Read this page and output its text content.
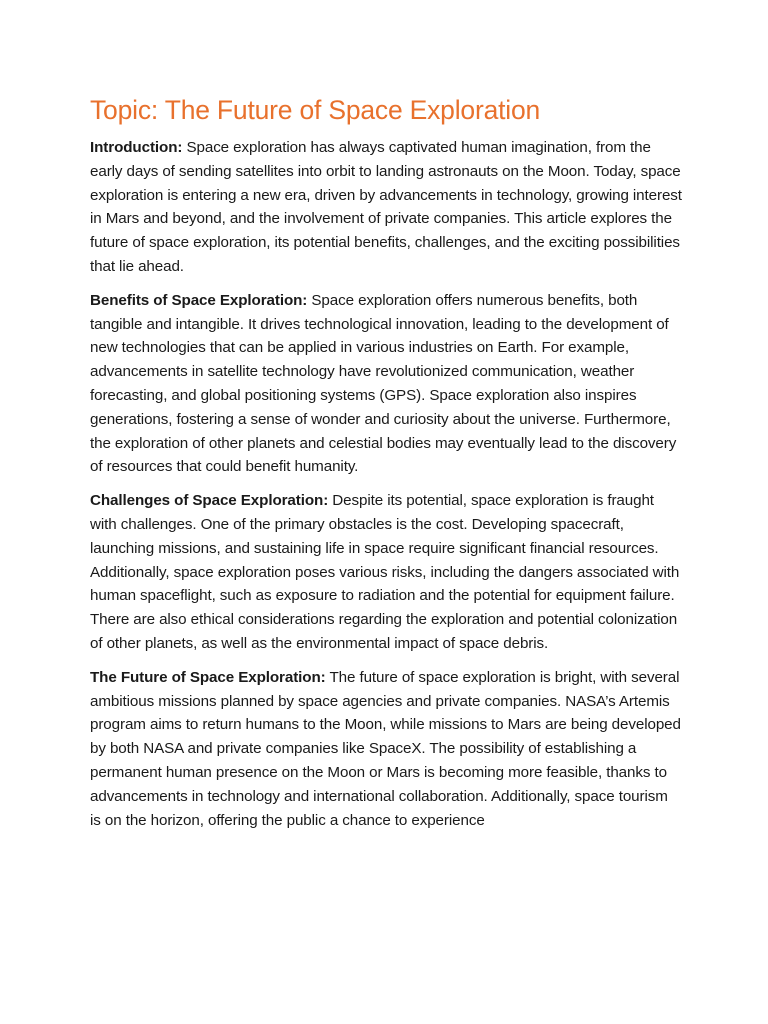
Topic: The Future of Space Exploration

Introduction: Space exploration has always captivated human imagination, from the early days of sending satellites into orbit to landing astronauts on the Moon. Today, space exploration is entering a new era, driven by advancements in technology, growing interest in Mars and beyond, and the involvement of private companies. This article explores the future of space exploration, its potential benefits, challenges, and the exciting possibilities that lie ahead.

Benefits of Space Exploration: Space exploration offers numerous benefits, both tangible and intangible. It drives technological innovation, leading to the development of new technologies that can be applied in various industries on Earth. For example, advancements in satellite technology have revolutionized communication, weather forecasting, and global positioning systems (GPS). Space exploration also inspires generations, fostering a sense of wonder and curiosity about the universe. Furthermore, the exploration of other planets and celestial bodies may eventually lead to the discovery of resources that could benefit humanity.

Challenges of Space Exploration: Despite its potential, space exploration is fraught with challenges. One of the primary obstacles is the cost. Developing spacecraft, launching missions, and sustaining life in space require significant financial resources. Additionally, space exploration poses various risks, including the dangers associated with human spaceflight, such as exposure to radiation and the potential for equipment failure. There are also ethical considerations regarding the exploration and potential colonization of other planets, as well as the environmental impact of space debris.

The Future of Space Exploration: The future of space exploration is bright, with several ambitious missions planned by space agencies and private companies. NASA’s Artemis program aims to return humans to the Moon, while missions to Mars are being developed by both NASA and private companies like SpaceX. The possibility of establishing a permanent human presence on the Moon or Mars is becoming more feasible, thanks to advancements in technology and international collaboration. Additionally, space tourism is on the horizon, offering the public a chance to experience
